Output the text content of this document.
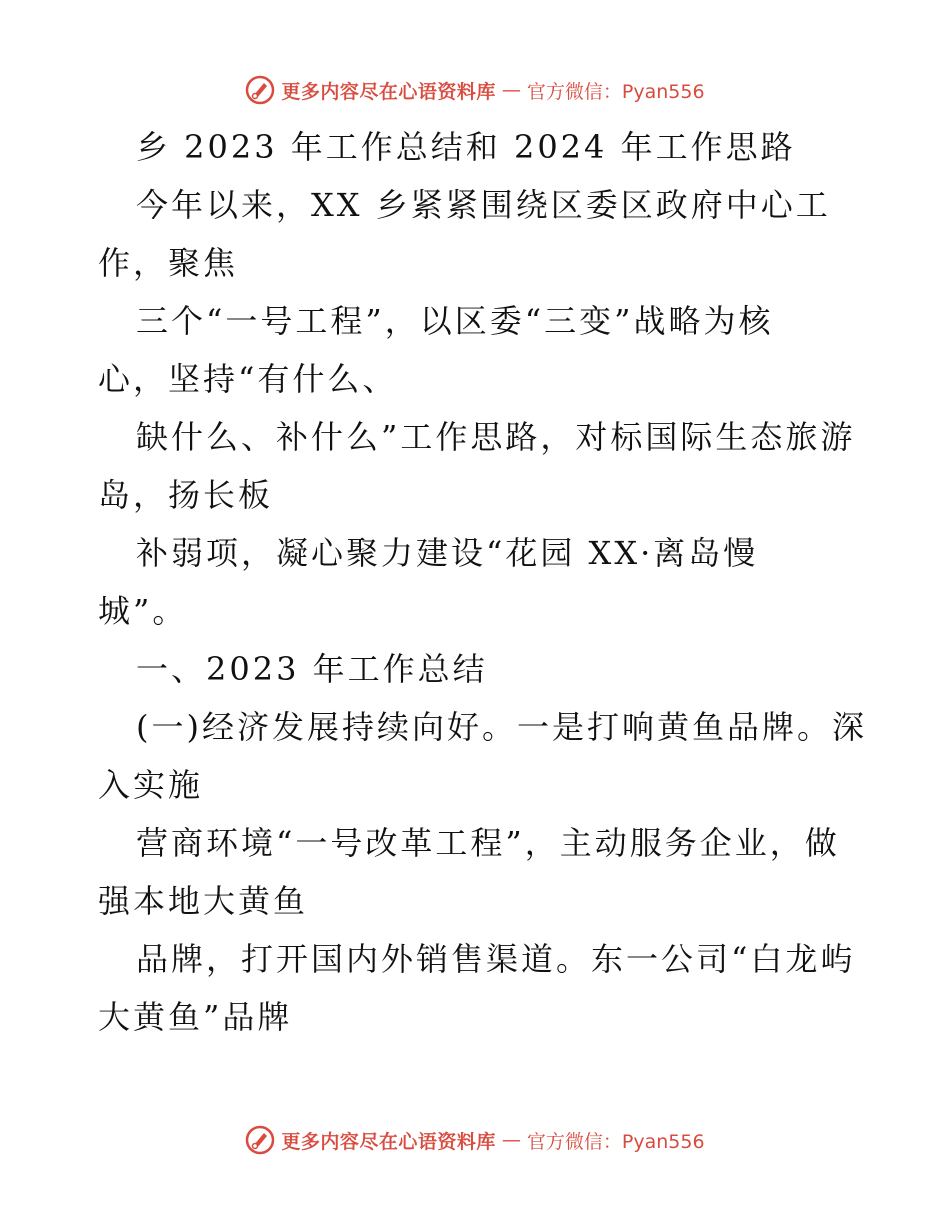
更多内容尽在心语资料库 — 官方微信：Pyan556
乡 2023 年工作总结和 2024 年工作思路
今年以来，XX 乡紧紧围绕区委区政府中心工
作，聚焦
三个“一号工程”，以区委“三变”战略为核
心，坚持“有什么、
缺什么、补什么”工作思路，对标国际生态旅游
岛，扬长板
补弱项，凝心聚力建设“花园 XX·离岛慢
城”。
一、2023 年工作总结
(一)经济发展持续向好。一是打响黄鱼品牌。深
入实施
营商环境“一号改革工程”，主动服务企业，做
强本地大黄鱼
品牌，打开国内外销售渠道。东一公司“白龙屿
大黄鱼”品牌
更多内容尽在心语资料库 — 官方微信：Pyan556
